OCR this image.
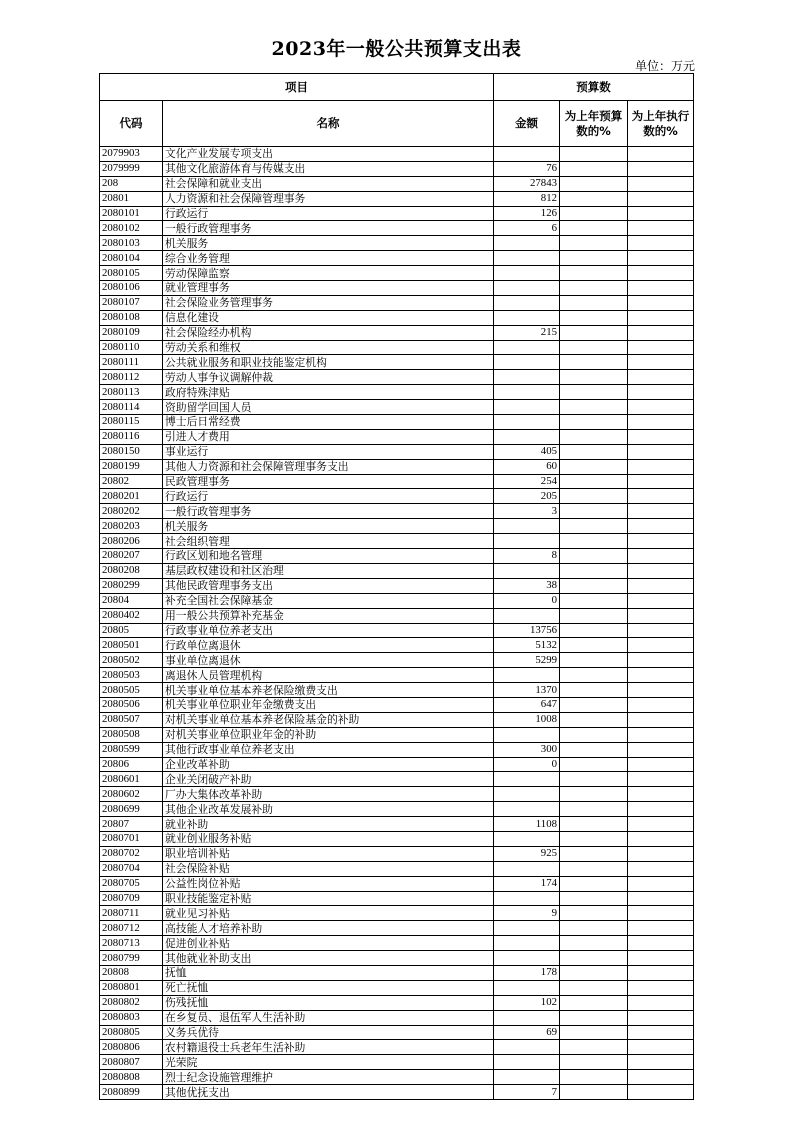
2023年一般公共预算支出表
单位：万元
项目		预算数		
代码	名称	金额	为上年预算数的%	为上年执行数的%
2079903	文化产业发展专项支出			
2079999	其他文化旅游体育与传媒支出	76		
208	社会保障和就业支出	27843		
20801	人力资源和社会保障管理事务	812		
2080101	行政运行	126		
2080102	一般行政管理事务	6		
2080103	机关服务			
2080104	综合业务管理			
2080105	劳动保障监察			
2080106	就业管理事务			
2080107	社会保险业务管理事务			
2080108	信息化建设			
2080109	社会保险经办机构	215		
2080110	劳动关系和维权			
2080111	公共就业服务和职业技能鉴定机构			
2080112	劳动人事争议调解仲裁			
2080113	政府特殊津贴			
2080114	资助留学回国人员			
2080115	博士后日常经费			
2080116	引进人才费用			
2080150	事业运行	405		
2080199	其他人力资源和社会保障管理事务支出	60		
20802	民政管理事务	254		
2080201	行政运行	205		
2080202	一般行政管理事务	3		
2080203	机关服务			
2080206	社会组织管理			
2080207	行政区划和地名管理	8		
2080208	基层政权建设和社区治理			
2080299	其他民政管理事务支出	38		
20804	补充全国社会保障基金	0		
2080402	用一般公共预算补充基金			
20805	行政事业单位养老支出	13756		
2080501	行政单位离退休	5132		
2080502	事业单位离退休	5299		
2080503	离退休人员管理机构			
2080505	机关事业单位基本养老保险缴费支出	1370		
2080506	机关事业单位职业年金缴费支出	647		
2080507	对机关事业单位基本养老保险基金的补助	1008		
2080508	对机关事业单位职业年金的补助			
2080599	其他行政事业单位养老支出	300		
20806	企业改革补助	0		
2080601	企业关闭破产补助			
2080602	厂办大集体改革补助			
2080699	其他企业改革发展补助			
20807	就业补助	1108		
2080701	就业创业服务补贴			
2080702	职业培训补贴	925		
2080704	社会保险补贴			
2080705	公益性岗位补贴	174		
2080709	职业技能鉴定补贴			
2080711	就业见习补贴	9		
2080712	高技能人才培养补助			
2080713	促进创业补贴			
2080799	其他就业补助支出			
20808	抚恤	178		
2080801	死亡抚恤			
2080802	伤残抚恤	102		
2080803	在乡复员、退伍军人生活补助			
2080805	义务兵优待	69		
2080806	农村籍退役士兵老年生活补助			
2080807	光荣院			
2080808	烈士纪念设施管理维护			
2080899	其他优抚支出	7		
